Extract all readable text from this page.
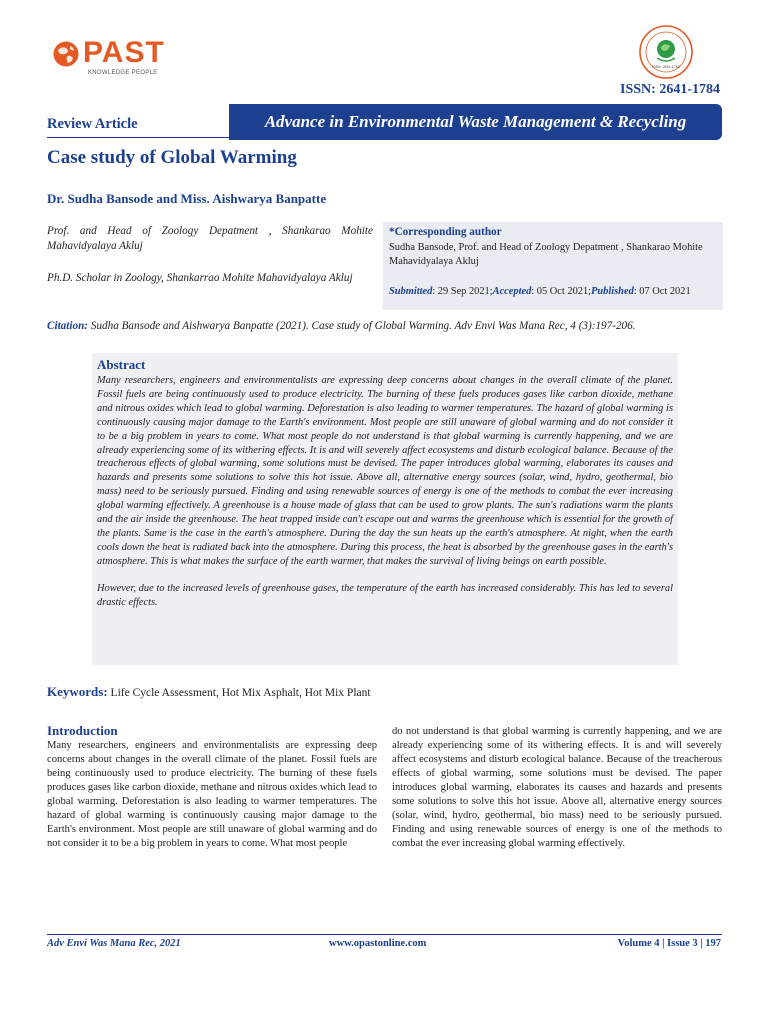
PAST
KNOWLEDGE PEOPLE
ISSN: 2641-1784
ISSN: 2641-1784
Review Article	Advance in Environmental Waste Management & Recycling
Case study of Global Warming
Dr. Sudha Bansode and Miss. Aishwarya Banpatte
Prof. and Head of Zoology Depatment , Shankarao Mohite Mahavidyalaya Akluj
Ph.D. Scholar in Zoology, Shankarrao Mohite Mahavidyalaya Akluj
*Corresponding author
Sudha Bansode, Prof. and Head of Zoology Depatment , Shankarao Mohite Mahavidyalaya Akluj
Submitted: 29 Sep 2021;Accepted: 05 Oct 2021;Published: 07 Oct 2021
Citation: Sudha Bansode and Aishwarya Banpatte (2021). Case study of Global Warming. Adv Envi Was Mana Rec, 4 (3):197-206.
Abstract

Many researchers, engineers and environmentalists are expressing deep concerns about changes in the overall climate of the planet. Fossil fuels are being continuously used to produce electricity. The burning of these fuels produces gases like carbon dioxide, methane and nitrous oxides which lead to global warming. Deforestation is also leading to warmer temperatures. The hazard of global warming is continuously causing major damage to the Earth's environment. Most people are still unaware of global warming and do not consider it to be a big problem in years to come. What most people do not understand is that global warming is currently happening, and we are already experiencing some of its withering effects. It is and will severely affect ecosystems and disturb ecological balance. Because of the treacherous effects of global warming, some solutions must be devised. The paper introduces global warming, elaborates its causes and hazards and presents some solutions to solve this hot issue. Above all, alternative energy sources (solar, wind, hydro, geothermal, bio mass) need to be seriously pursued. Finding and using renewable sources of energy is one of the methods to combat the ever increasing global warming effectively. A greenhouse is a house made of glass that can be used to grow plants. The sun's radiations warm the plants and the air inside the greenhouse. The heat trapped inside can't escape out and warms the greenhouse which is essential for the growth of the plants. Same is the case in the earth's atmosphere. During the day the sun heats up the earth's atmosphere. At night, when the earth cools down the heat is radiated back into the atmosphere. During this process, the heat is absorbed by the greenhouse gases in the earth's atmosphere. This is what makes the surface of the earth warmer, that makes the survival of living beings on earth possible.

However, due to the increased levels of greenhouse gases, the temperature of the earth has increased considerably. This has led to several drastic effects.

Keywords: Life Cycle Assessment, Hot Mix Asphalt, Hot Mix Plant
Introduction
Many researchers, engineers and environmentalists are expressing deep concerns about changes in the overall climate of the planet. Fossil fuels are being continuously used to produce electricity. The burning of these fuels produces gases like carbon dioxide, methane and nitrous oxides which lead to global warming. Deforestation is also leading to warmer temperatures. The hazard of global warming is continuously causing major damage to the Earth's environment. Most people are still unaware of global warming and do not consider it to be a big problem in years to come. What most people
do not understand is that global warming is currently happening, and we are already experiencing some of its withering effects. It is and will severely affect ecosystems and disturb ecological balance. Because of the treacherous effects of global warming, some solutions must be devised. The paper introduces global warming, elaborates its causes and hazards and presents some solutions to solve this hot issue. Above all, alternative energy sources (solar, wind, hydro, geothermal, bio mass) need to be seriously pursued. Finding and using renewable sources of energy is one of the methods to combat the ever increasing global warming effectively.
Adv Envi Was Mana Rec, 2021	www.opastonline.com	Volume 4 | Issue 3 | 197
